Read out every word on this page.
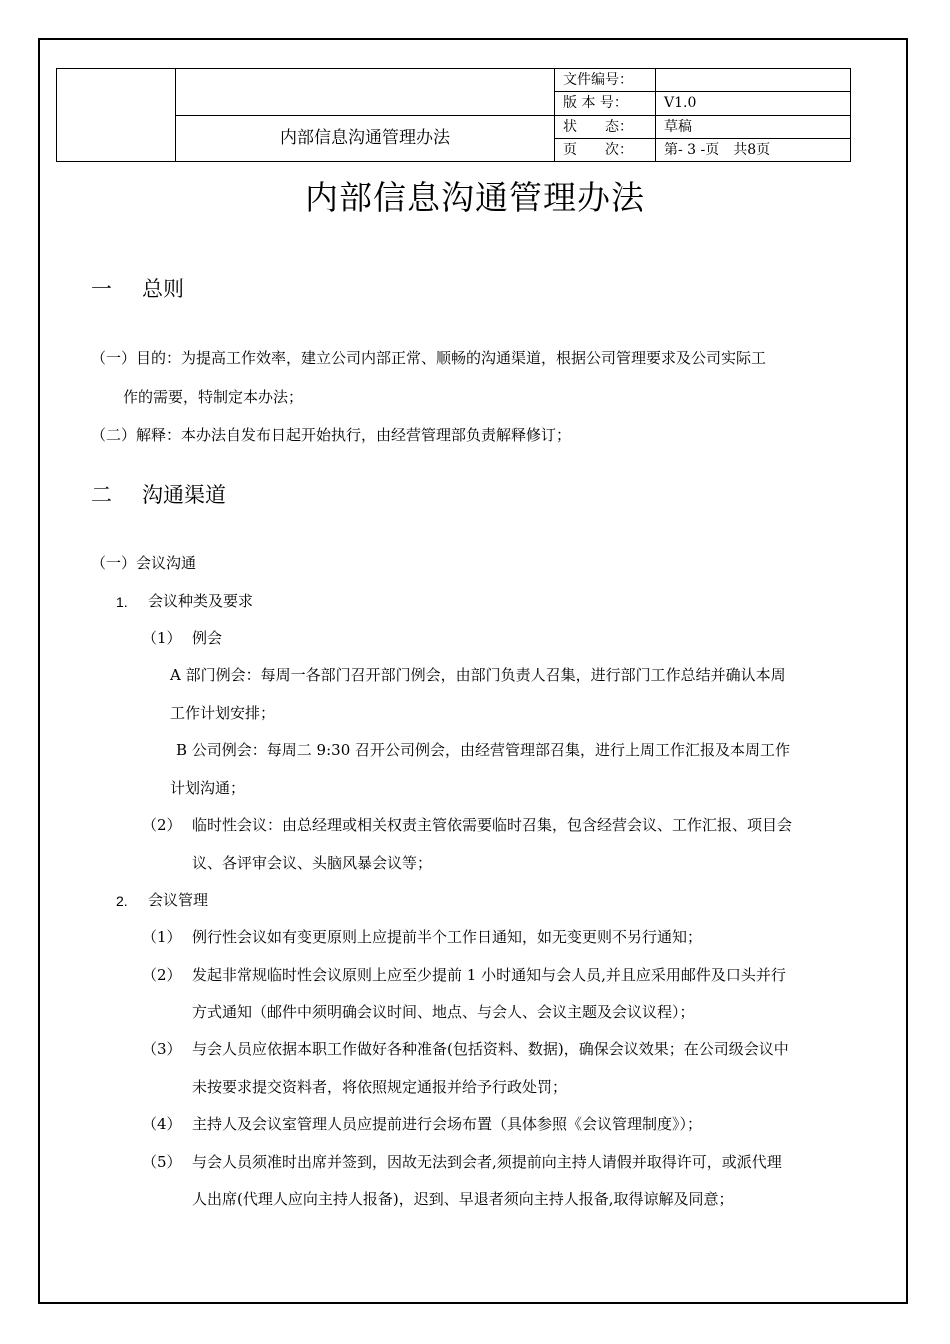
		文件编号：	
		版 本 号：	V1.0
	内部信息沟通管理办法	状　　态：	草稿
		页　　次：	第- 3 -页　共8页
内部信息沟通管理办法
一 总则
（一）目的：为提高工作效率，建立公司内部正常、顺畅的沟通渠道，根据公司管理要求及公司实际工
作的需要，特制定本办法；
（二）解释：本办法自发布日起开始执行，由经营管理部负责解释修订；
二 沟通渠道
（一）会议沟通
1. 会议种类及要求
（1） 例会
A 部门例会：每周一各部门召开部门例会，由部门负责人召集，进行部门工作总结并确认本周
工作计划安排；
B 公司例会：每周二 9:30 召开公司例会，由经营管理部召集，进行上周工作汇报及本周工作
计划沟通；
（2） 临时性会议：由总经理或相关权责主管依需要临时召集，包含经营会议、工作汇报、项目会
议、各评审会议、头脑风暴会议等；
2. 会议管理
（1） 例行性会议如有变更原则上应提前半个工作日通知，如无变更则不另行通知；
（2） 发起非常规临时性会议原则上应至少提前 1 小时通知与会人员,并且应采用邮件及口头并行
方式通知（邮件中须明确会议时间、地点、与会人、会议主题及会议议程）；
（3） 与会人员应依据本职工作做好各种准备(包括资料、数据)，确保会议效果；在公司级会议中
未按要求提交资料者，将依照规定通报并给予行政处罚；
（4） 主持人及会议室管理人员应提前进行会场布置（具体参照《会议管理制度》）；
（5） 与会人员须准时出席并签到，因故无法到会者,须提前向主持人请假并取得许可，或派代理
人出席(代理人应向主持人报备)，迟到、早退者须向主持人报备,取得谅解及同意；
